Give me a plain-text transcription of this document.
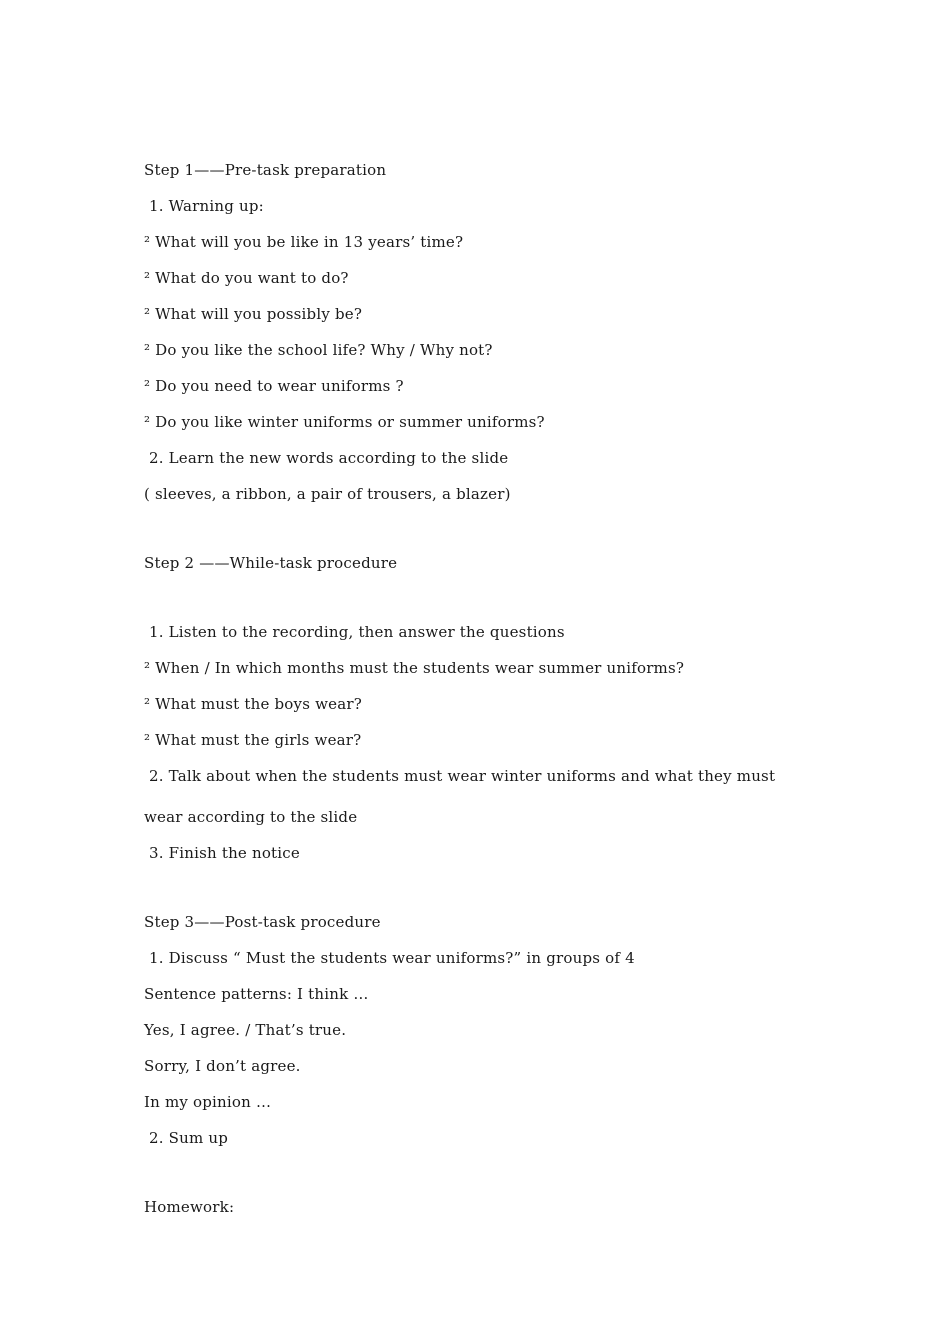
Step 1——Pre-task preparation
1. Warning up:
² What will you be like in 13 years’ time?
² What do you want to do?
² What will you possibly be?
² Do you like the school life? Why / Why not?
² Do you need to wear uniforms ?
² Do you like winter uniforms or summer uniforms?
2. Learn the new words according to the slide
( sleeves, a ribbon, a pair of trousers, a blazer)
Step 2 ——While-task procedure
1. Listen to the recording, then answer the questions
² When / In which months must the students wear summer uniforms?
² What must the boys wear?
² What must the girls wear?
2. Talk about when the students must wear winter uniforms and what they must
wear according to the slide
3. Finish the notice
Step 3——Post-task procedure
1. Discuss “ Must the students wear uniforms?” in groups of 4
Sentence patterns: I think …
Yes, I agree. / That’s true.
Sorry, I don’t agree.
In my opinion …
2. Sum up
Homework:
